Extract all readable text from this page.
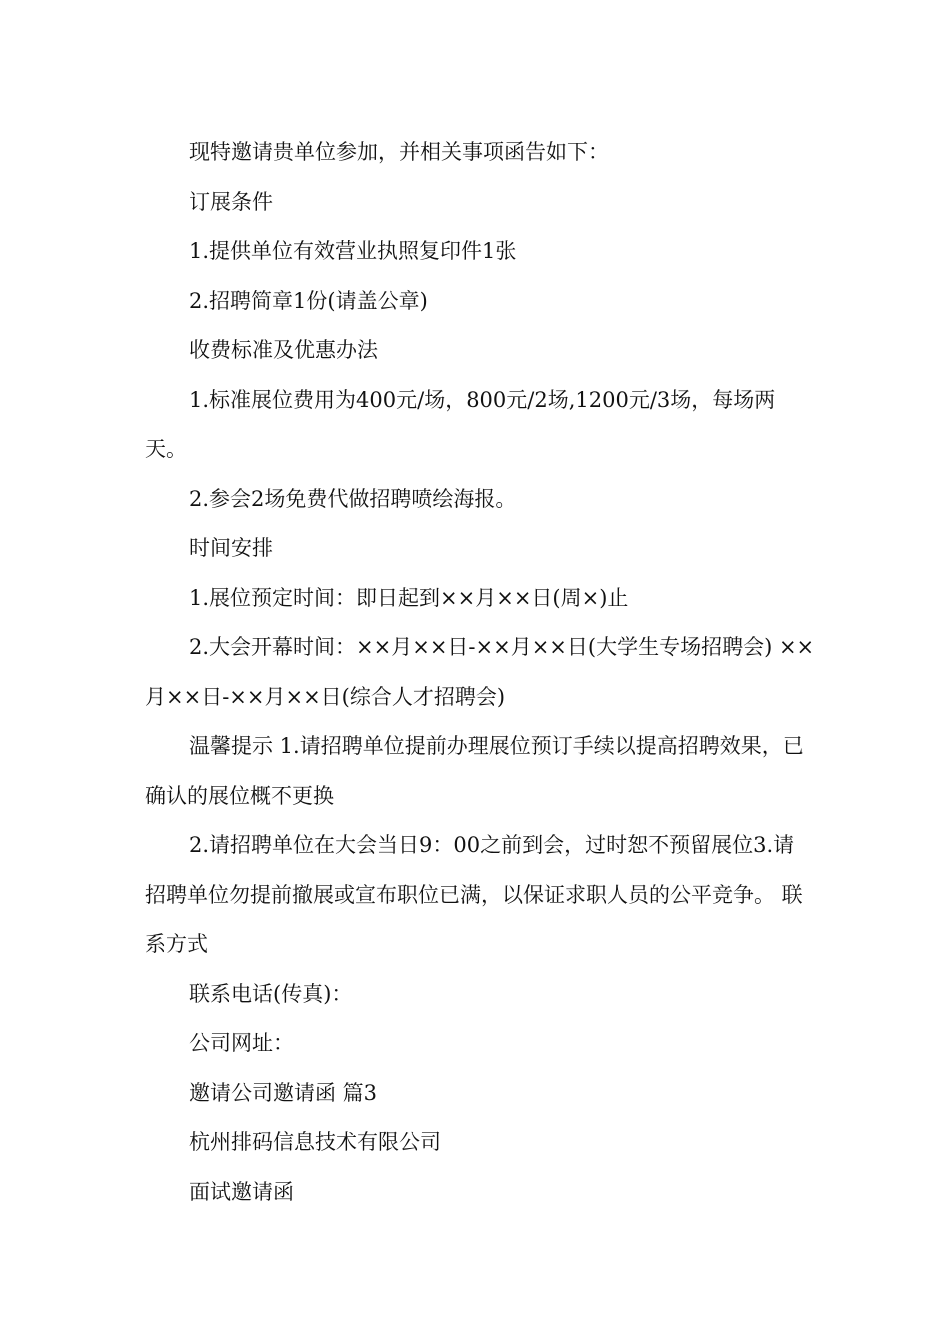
现特邀请贵单位参加，并相关事项函告如下：

订展条件

1.提供单位有效营业执照复印件1张

2.招聘简章1份(请盖公章)

收费标准及优惠办法

1.标准展位费用为400元/场，800元/2场,1200元/3场，每场两天。

2.参会2场免费代做招聘喷绘海报。

时间安排

1.展位预定时间：即日起到××月××日(周×)止

2.大会开幕时间：××月××日-××月××日(大学生专场招聘会) ××月××日-××月××日(综合人才招聘会)

温馨提示 1.请招聘单位提前办理展位预订手续以提高招聘效果，已确认的展位概不更换

2.请招聘单位在大会当日9：00之前到会，过时恕不预留展位3.请招聘单位勿提前撤展或宣布职位已满，以保证求职人员的公平竞争。 联系方式

联系电话(传真)：

公司网址：

邀请公司邀请函 篇3

杭州排码信息技术有限公司

面试邀请函
